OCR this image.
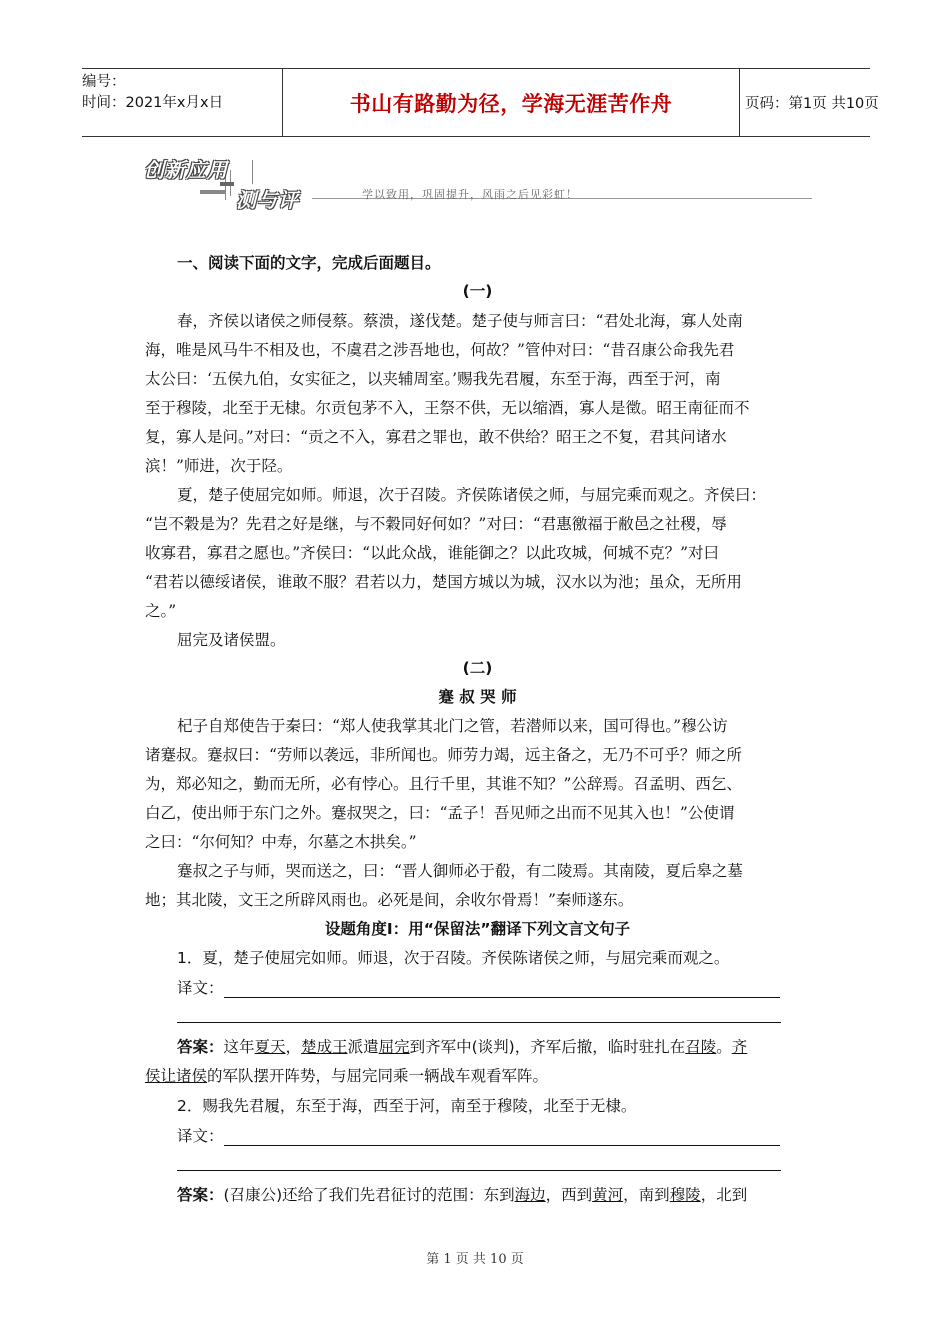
编号：
时间：2021年x月x日	书山有路勤为径，学海无涯苦作舟	页码：第1页 共10页
创新应用
测与评	学以致用，巩固提升，风雨之后见彩虹！
一、阅读下面的文字，完成后面题目。
(一)
春，齐侯以诸侯之师侵蔡。蔡溃，遂伐楚。楚子使与师言曰：“君处北海，寡人处南
海，唯是风马牛不相及也，不虞君之涉吾地也，何故？”管仲对曰：“昔召康公命我先君
太公曰：‘五侯九伯，女实征之，以夹辅周室。’赐我先君履，东至于海，西至于河，南
至于穆陵，北至于无棣。尔贡包茅不入，王祭不供，无以缩酒，寡人是徵。昭王南征而不
复，寡人是问。”对曰：“贡之不入，寡君之罪也，敢不供给？昭王之不复，君其问诸水
滨！”师进，次于陉。
夏，楚子使屈完如师。师退，次于召陵。齐侯陈诸侯之师，与屈完乘而观之。齐侯曰：
“岂不穀是为？先君之好是继，与不穀同好何如？”对曰：“君惠徼福于敝邑之社稷，辱
收寡君，寡君之愿也。”齐侯曰：“以此众战，谁能御之？以此攻城，何城不克？”对曰
“君若以德绥诸侯，谁敢不服？君若以力，楚国方城以为城，汉水以为池；虽众，无所用
之。”
屈完及诸侯盟。
(二)
蹇 叔 哭 师
杞子自郑使告于秦曰：“郑人使我掌其北门之管，若潜师以来，国可得也。”穆公访
诸蹇叔。蹇叔曰：“劳师以袭远，非所闻也。师劳力竭，远主备之，无乃不可乎？师之所
为，郑必知之，勤而无所，必有悖心。且行千里，其谁不知？”公辞焉。召孟明、西乞、
白乙，使出师于东门之外。蹇叔哭之，曰：“孟子！吾见师之出而不见其入也！”公使谓
之曰：“尔何知？中寿，尔墓之木拱矣。”
蹇叔之子与师，哭而送之，曰：“晋人御师必于殽，有二陵焉。其南陵，夏后皋之墓
地；其北陵，文王之所辟风雨也。必死是间，余收尔骨焉！”秦师遂东。
设题角度Ⅰ：用“保留法”翻译下列文言文句子
1．夏，楚子使屈完如师。师退，次于召陵。齐侯陈诸侯之师，与屈完乘而观之。
译文：
答案：这年夏天，楚成王派遣屈完到齐军中(谈判)，齐军后撤，临时驻扎在召陵。齐
侯让诸侯的军队摆开阵势，与屈完同乘一辆战车观看军阵。
2．赐我先君履，东至于海，西至于河，南至于穆陵，北至于无棣。
译文：
答案：(召康公)还给了我们先君征讨的范围：东到海边，西到黄河，南到穆陵，北到
第 1 页 共 10 页
